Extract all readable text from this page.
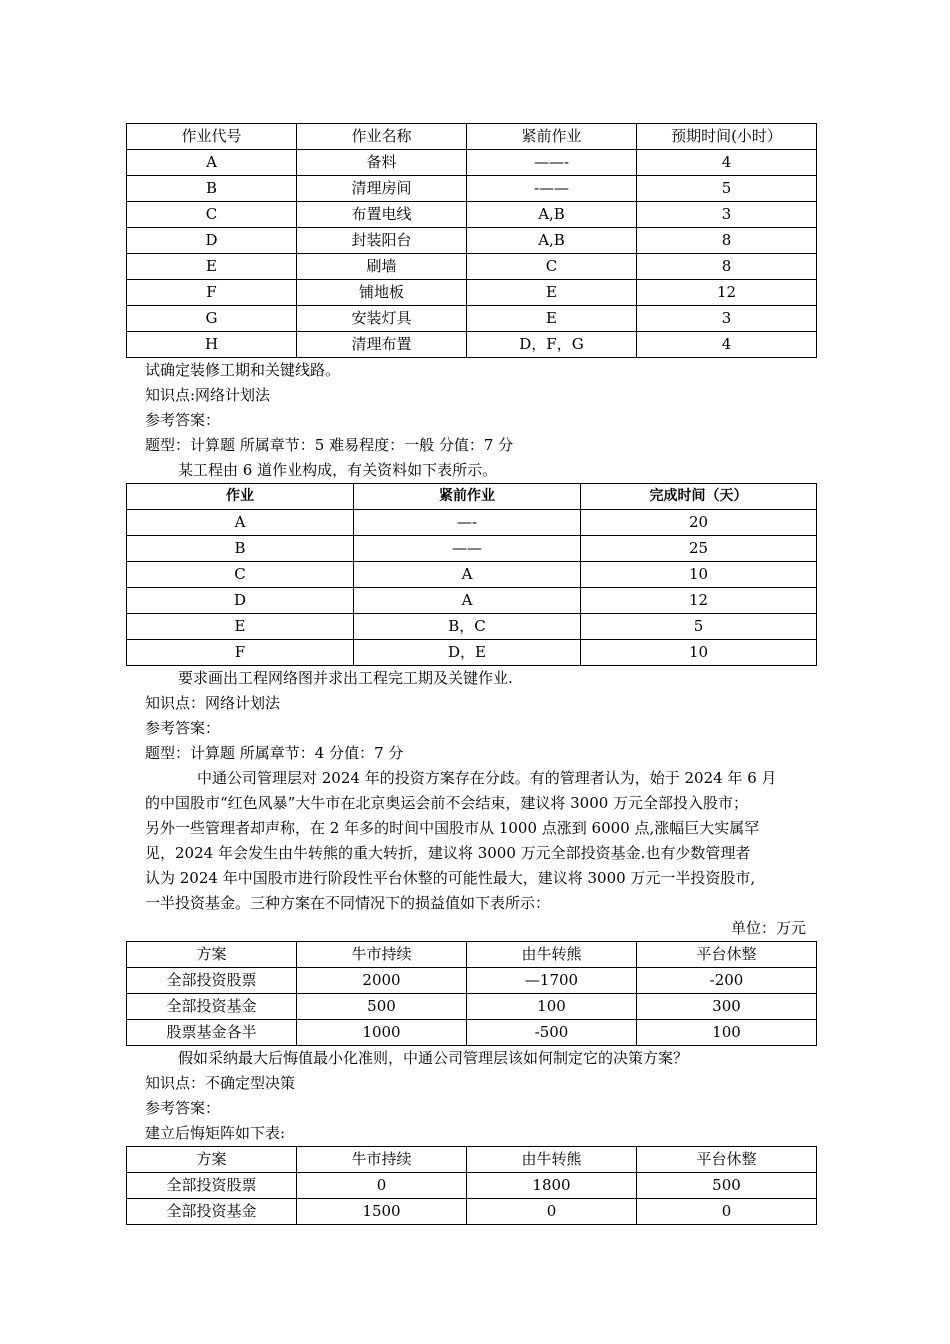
作业代号	作业名称	紧前作业	预期时间(小时）
A	备料	——-	4
B	清理房间	-——	5
C	布置电线	A,B	3
D	封装阳台	A,B	8
E	刷墙	C	8
F	铺地板	E	12
G	安装灯具	E	3
H	清理布置	D，F，G	4

试确定装修工期和关键线路。

知识点:网络计划法

参考答案：

题型：计算题 所属章节：5 难易程度：一般 分值：7 分

某工程由 6 道作业构成，有关资料如下表所示。

作业	紧前作业	完成时间（天）
A	—-	20
B	——	25
C	A	10
D	A	12
E	B，C	5
F	D，E	10

要求画出工程网络图并求出工程完工期及关键作业.

知识点：网络计划法

参考答案：

题型：计算题 所属章节：4 分值：7 分

中通公司管理层对 2024 年的投资方案存在分歧。有的管理者认为，始于 2024 年 6 月
的中国股市“红色风暴”大牛市在北京奥运会前不会结束，建议将 3000 万元全部投入股市；
另外一些管理者却声称，在 2 年多的时间中国股市从 1000 点涨到 6000 点,涨幅巨大实属罕
见，2024 年会发生由牛转熊的重大转折，建议将 3000 万元全部投资基金.也有少数管理者
认为 2024 年中国股市进行阶段性平台休整的可能性最大，建议将 3000 万元一半投资股市,
一半投资基金。三种方案在不同情况下的损益值如下表所示：

单位：万元

方案	牛市持续	由牛转熊	平台休整
全部投资股票	2000	—1700	-200
全部投资基金	500	100	300
股票基金各半	1000	-500	100

假如采纳最大后悔值最小化准则，中通公司管理层该如何制定它的决策方案？

知识点：不确定型决策

参考答案：

建立后悔矩阵如下表:

方案	牛市持续	由牛转熊	平台休整
全部投资股票	0	1800	500
全部投资基金	1500	0	0
